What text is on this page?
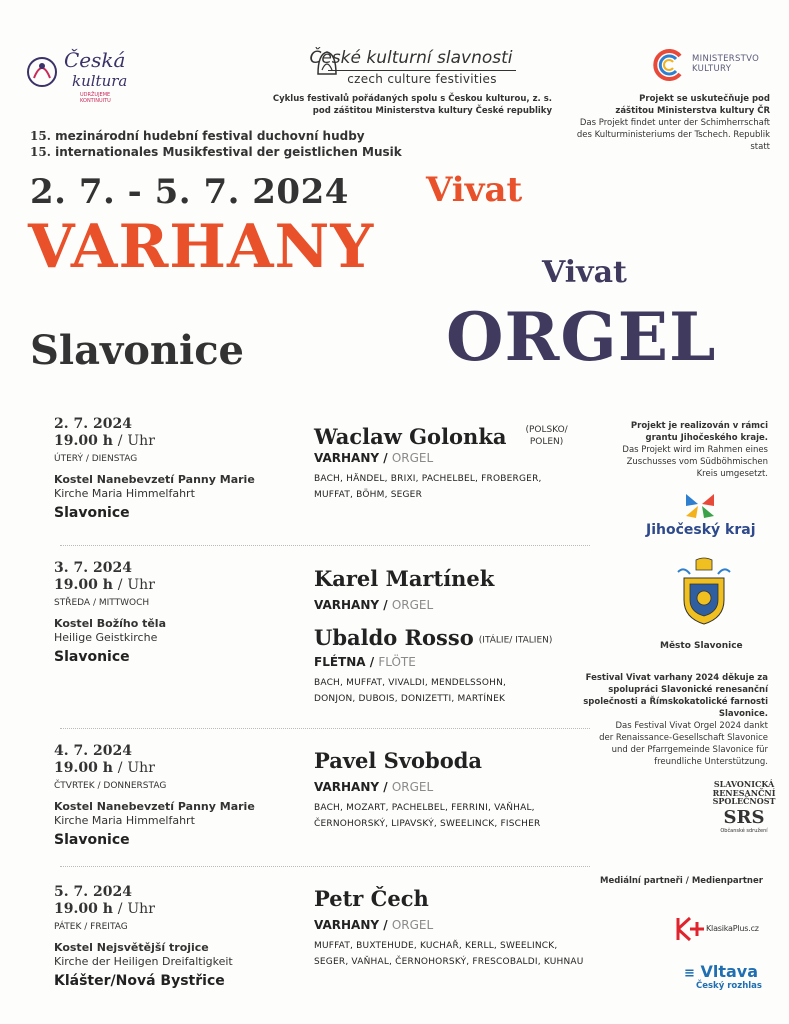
Česká
kultura
UDRŽUJEME KONTINUITU
České kulturní slavnosti
czech culture festivities
Cyklus festivalů pořádaných spolu s Českou kulturou, z. s.
pod záštitou Ministerstva kultury České republiky
MINISTERSTVO
KULTURY
Projekt se uskutečňuje pod
záštitou Ministerstva kultury ČR
Das Projekt findet unter der Schimherrschaft
des Kulturministeriums der Tschech. Republik statt
15. mezinárodní hudební festival duchovní hudby
15. internationales Musikfestival der geistlichen Musik
2. 7. - 5. 7. 2024 Vivat
VARHANY	Vivat
ORGEL
Slavonice
2. 7. 2024
19.00 h / Uhr
ÚTERÝ / DIENSTAG
Kostel Nanebevzetí Panny Marie
Kirche Maria Himmelfahrt
Slavonice
Waclaw Golonka (POLSKO/ POLEN)
VARHANY / ORGEL
BACH, HÄNDEL, BRIXI, PACHELBEL, FROBERGER,
MUFFAT, BÖHM, SEGER
3. 7. 2024
19.00 h / Uhr
STŘEDA / MITTWOCH
Kostel Božího těla
Heilige Geistkirche
Slavonice
Karel Martínek
VARHANY / ORGEL
Ubaldo Rosso (ITÁLIE/ ITALIEN)
FLÉTNA / FLÖTE
BACH, MUFFAT, VIVALDI, MENDELSSOHN,
DONJON, DUBOIS, DONIZETTI, MARTÍNEK
4. 7. 2024
19.00 h / Uhr
ČTVRTEK / DONNERSTAG
Kostel Nanebevzetí Panny Marie
Kirche Maria Himmelfahrt
Slavonice
Pavel Svoboda
VARHANY / ORGEL
BACH, MOZART, PACHELBEL, FERRINI, VAŇHAL,
ČERNOHORSKÝ, LIPAVSKÝ, SWEELINCK, FISCHER
5. 7. 2024
19.00 h / Uhr
PÁTEK / FREITAG
Kostel Nejsvětější trojice
Kirche der Heiligen Dreifaltigkeit
Klášter/Nová Bystřice
Petr Čech
VARHANY / ORGEL
MUFFAT, BUXTEHUDE, KUCHAŘ, KERLL, SWEELINCK,
SEGER, VAŇHAL, ČERNOHORSKÝ, FRESCOBALDI, KUHNAU
Projekt je realizován v rámci
grantu Jihočeského kraje.
Das Projekt wird im Rahmen eines
Zuschusses vom Südböhmischen
Kreis umgesetzt.
Jihočeský kraj
Město Slavonice
Festival Vivat varhany 2024 děkuje za
spolupráci Slavonické renesanční
společnosti a Římskokatolické farnosti
Slavonice.
Das Festival Vivat Orgel 2024 dankt
der Renaissance-Gesellschaft Slavonice
und der Pfarrgemeinde Slavonice für
freundliche Unterstützung.
SLAVONICKÁ
RENESANČNÍ
SPOLEČNOST
SRS
Občanské sdružení
Mediální partneři / Medienpartner
KlasikaPlus.cz
≡ Vltava
Český rozhlas
